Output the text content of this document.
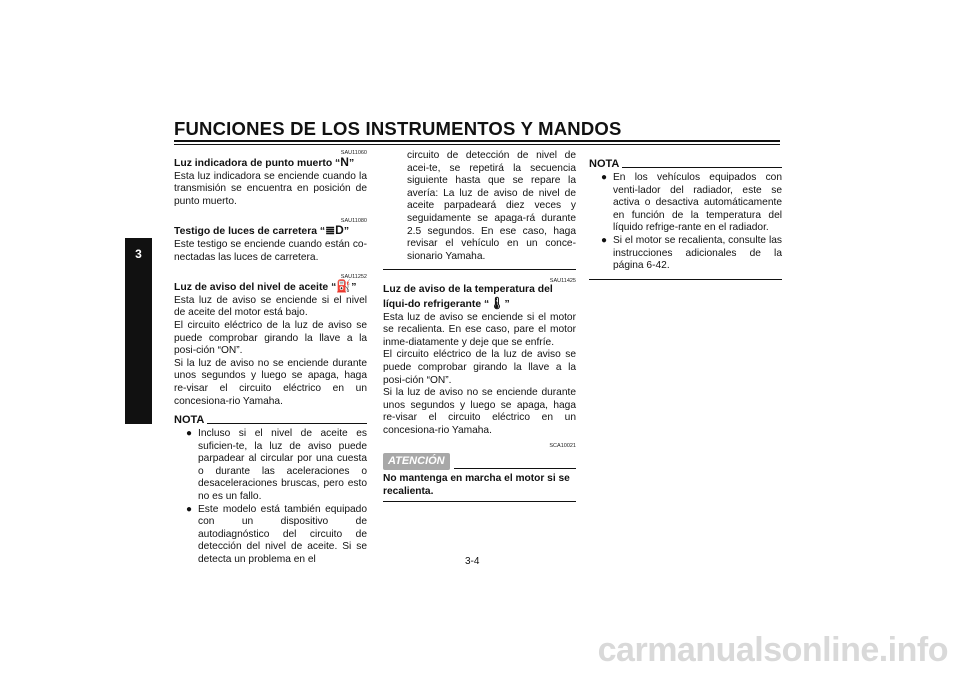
FUNCIONES DE LOS INSTRUMENTOS Y MANDOS
3
SAU11060
Luz indicadora de punto muerto “N”

Esta luz indicadora se enciende cuando la transmisión se encuentra en posición de punto muerto.

SAU11080
Testigo de luces de carretera “≣D”

Este testigo se enciende cuando están co-nectadas las luces de carretera.

SAU11252
Luz de aviso del nivel de aceite “⛽”

Esta luz de aviso se enciende si el nivel de aceite del motor está bajo.

El circuito eléctrico de la luz de aviso se puede comprobar girando la llave a la posi-ción “ON”.

Si la luz de aviso no se enciende durante unos segundos y luego se apaga, haga re-visar el circuito eléctrico en un concesiona-rio Yamaha.

NOTA
● Incluso si el nivel de aceite es suficien-te, la luz de aviso puede parpadear al circular por una cuesta o durante las aceleraciones o desaceleraciones bruscas, pero esto no es un fallo.
● Este modelo está también equipado con un dispositivo de autodiagnóstico del circuito de detección del nivel de aceite. Si se detecta un problema en el
circuito de detección de nivel de acei-te, se repetirá la secuencia siguiente hasta que se repare la avería: La luz de aviso de nivel de aceite parpadeará diez veces y seguidamente se apaga-rá durante 2.5 segundos. En ese caso, haga revisar el vehículo en un conce-sionario Yamaha.
SAU11425
Luz de aviso de la temperatura del líqui-do refrigerante “🌡”

Esta luz de aviso se enciende si el motor se recalienta. En ese caso, pare el motor inme-diatamente y deje que se enfríe.

El circuito eléctrico de la luz de aviso se puede comprobar girando la llave a la posi-ción “ON”.

Si la luz de aviso no se enciende durante unos segundos y luego se apaga, haga re-visar el circuito eléctrico en un concesiona-rio Yamaha.

SCA10021
ATENCIÓN

No mantenga en marcha el motor si se recalienta.

NOTA
● En los vehículos equipados con venti-lador del radiador, este se activa o desactiva automáticamente en función de la temperatura del líquido refrige-rante en el radiador.
● Si el motor se recalienta, consulte las instrucciones adicionales de la página 6-42.
3-4
carmanualsonline.info
